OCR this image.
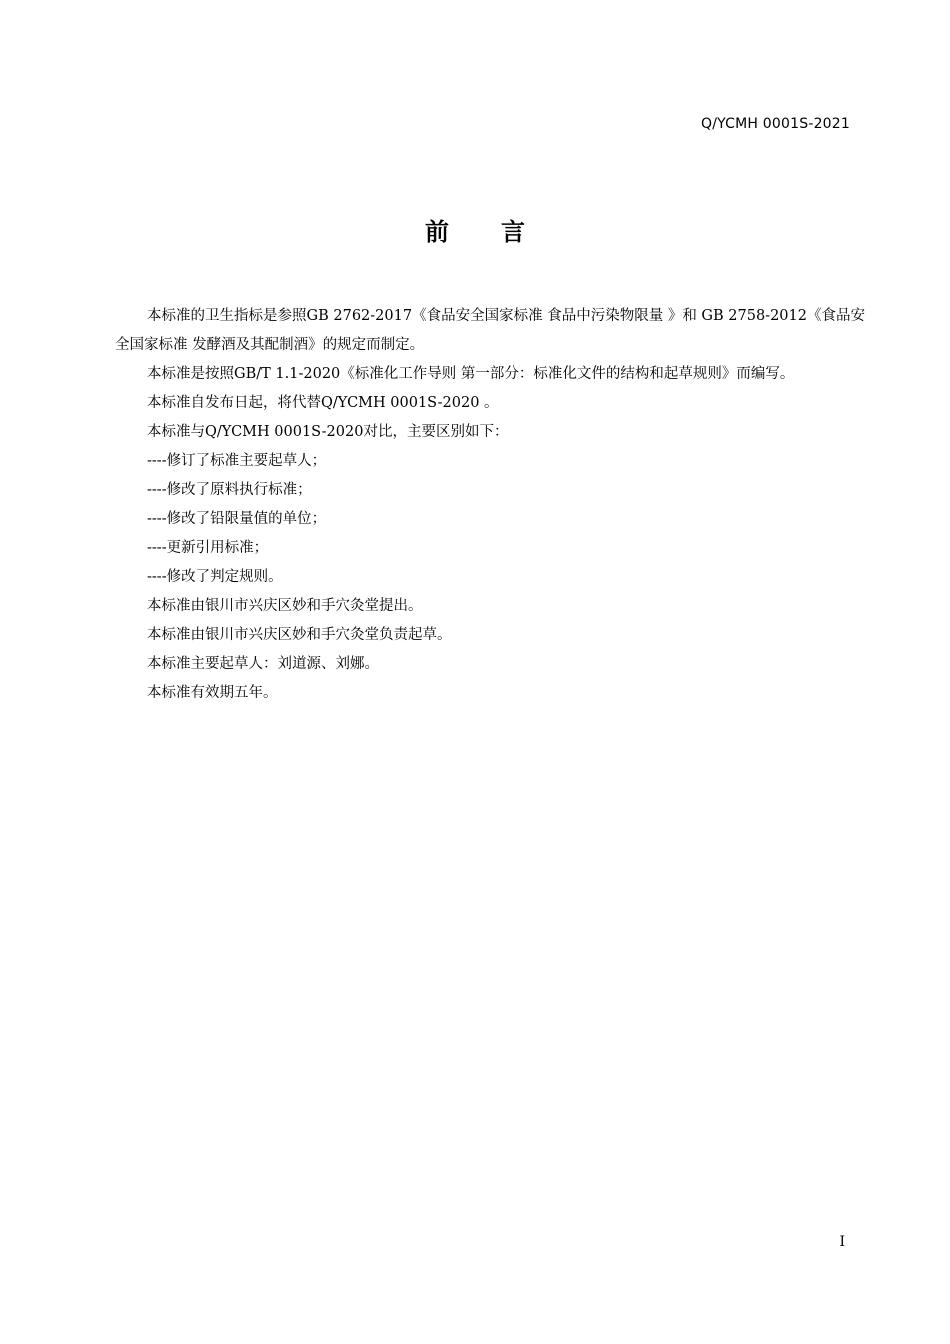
Q/YCMH 0001S-2021
前 言

本标准的卫生指标是参照GB 2762-2017《食品安全国家标准 食品中污染物限量 》和 GB 2758-2012《食品安全国家标准 发酵酒及其配制酒》的规定而制定。

本标准是按照GB/T 1.1-2020《标准化工作导则 第一部分：标准化文件的结构和起草规则》而编写。

本标准自发布日起，将代替Q/YCMH 0001S-2020 。

本标准与Q/YCMH 0001S-2020对比，主要区别如下：

----修订了标准主要起草人；

----修改了原料执行标准；

----修改了铅限量值的单位；

----更新引用标准；

----修改了判定规则。

本标准由银川市兴庆区妙和手穴灸堂提出。

本标准由银川市兴庆区妙和手穴灸堂负责起草。

本标准主要起草人：刘道源、刘娜。

本标准有效期五年。

I
